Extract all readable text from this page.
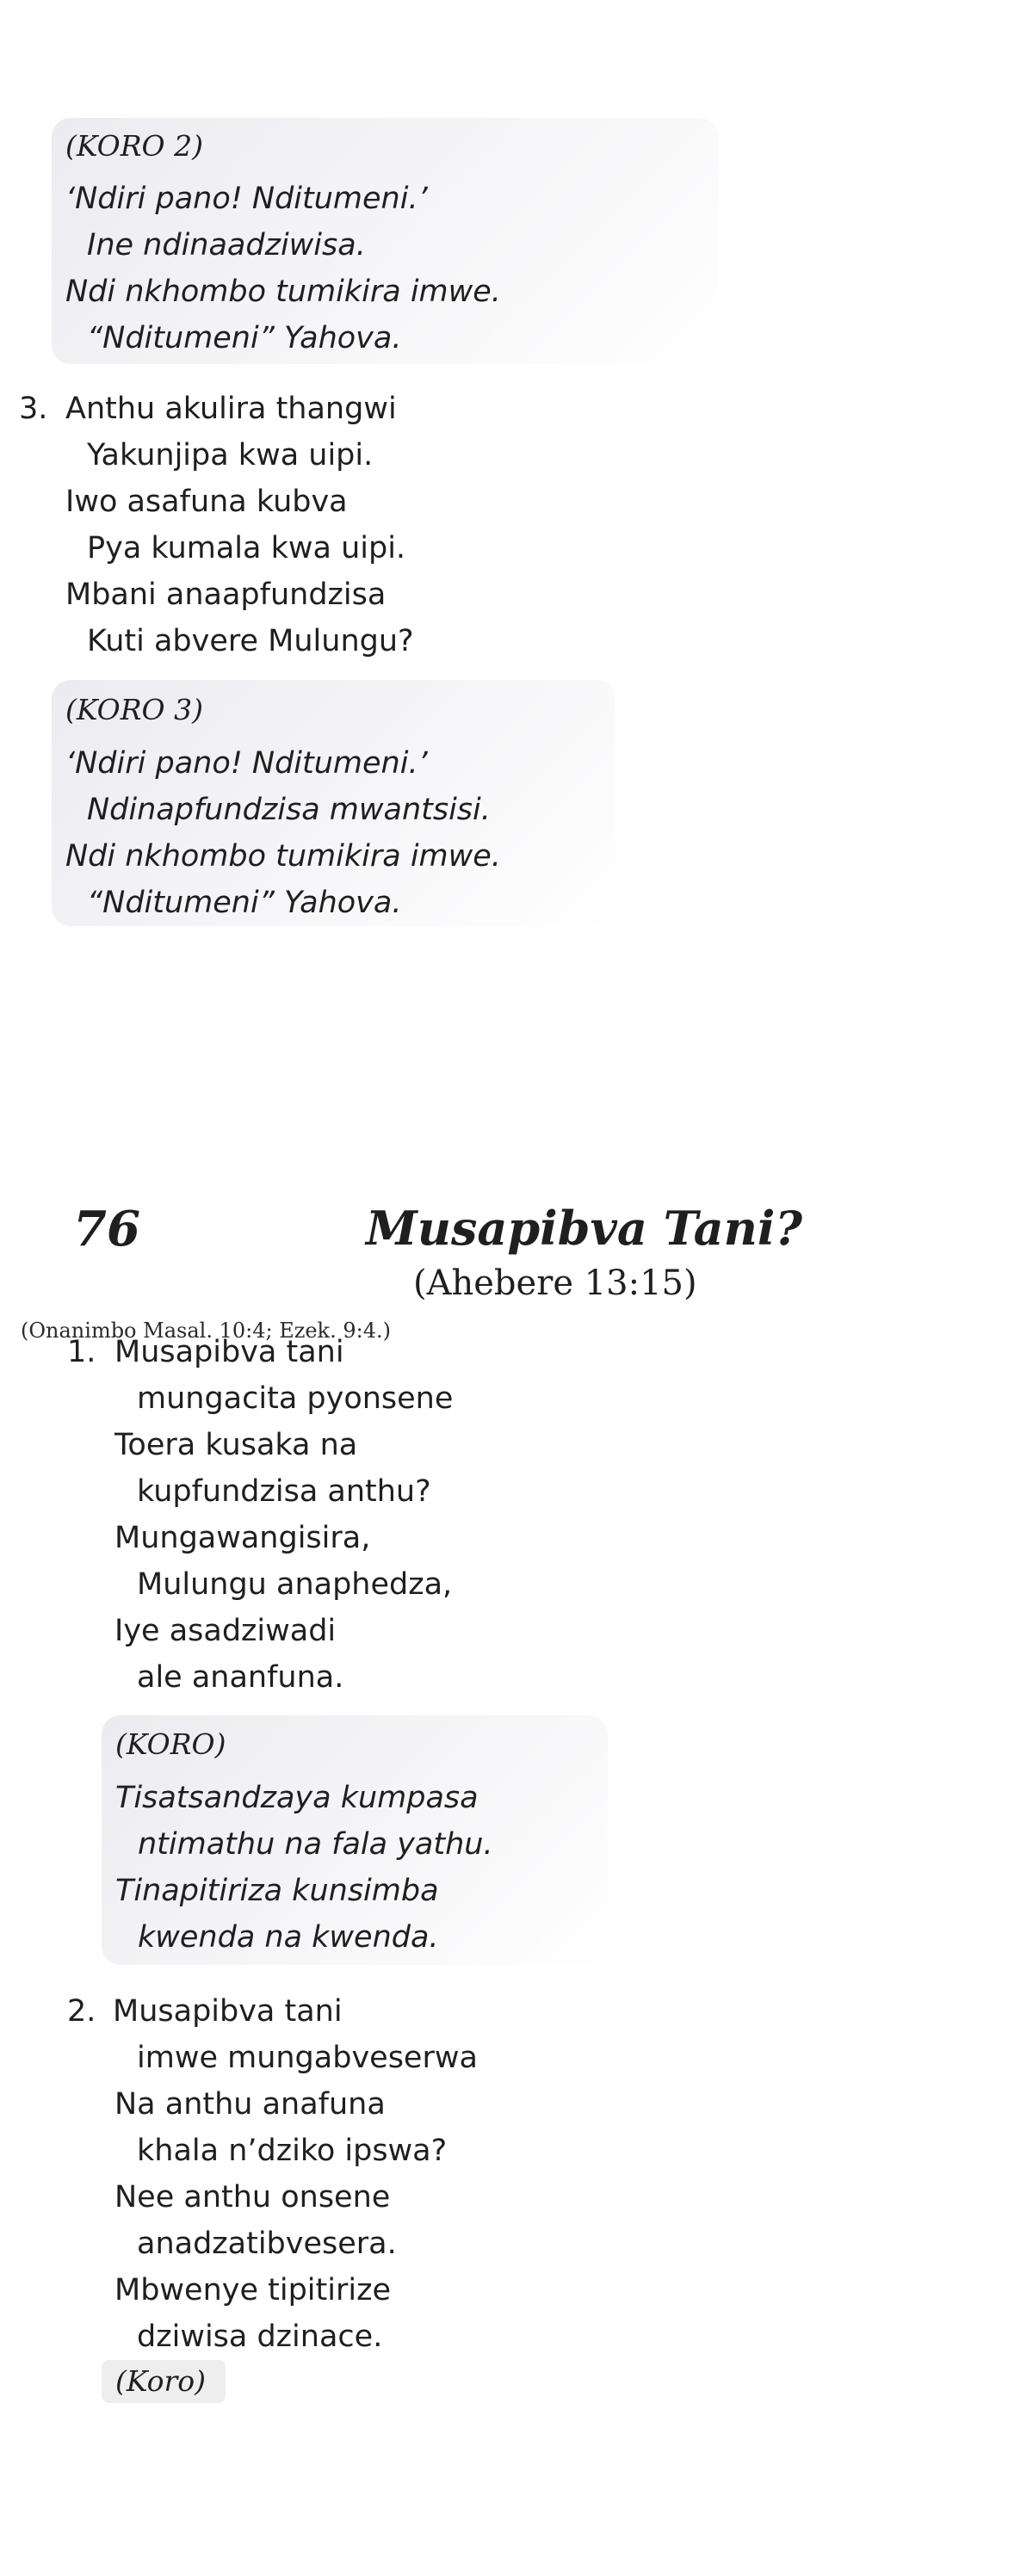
(KORO 2)
‘Ndiri pano! Nditumeni.’
Ine ndinaadziwisa.
Ndi nkhombo tumikira imwe.
“Nditumeni” Yahova.
3. Anthu akulira thangwi
Yakunjipa kwa uipi.
Iwo asafuna kubva
Pya kumala kwa uipi.
Mbani anaapfundzisa
Kuti abvere Mulungu?
(KORO 3)
‘Ndiri pano! Nditumeni.’
Ndinapfundzisa mwantsisi.
Ndi nkhombo tumikira imwe.
“Nditumeni” Yahova.
76	Musapibva Tani?
(Ahebere 13:15)
(Onanimbo Masal. 10:4; Ezek. 9:4.)
1. Musapibva tani
mungacita pyonsene
Toera kusaka na
kupfundzisa anthu?
Mungawangisira,
Mulungu anaphedza,
Iye asadziwadi
ale ananfuna.
(KORO)
Tisatsandzaya kumpasa
ntimathu na fala yathu.
Tinapitiriza kunsimba
kwenda na kwenda.
2. Musapibva tani
imwe mungabveserwa
Na anthu anafuna
khala n’dziko ipswa?
Nee anthu onsene
anadzatibvesera.
Mbwenye tipitirize
dziwisa dzinace.
(Koro)
